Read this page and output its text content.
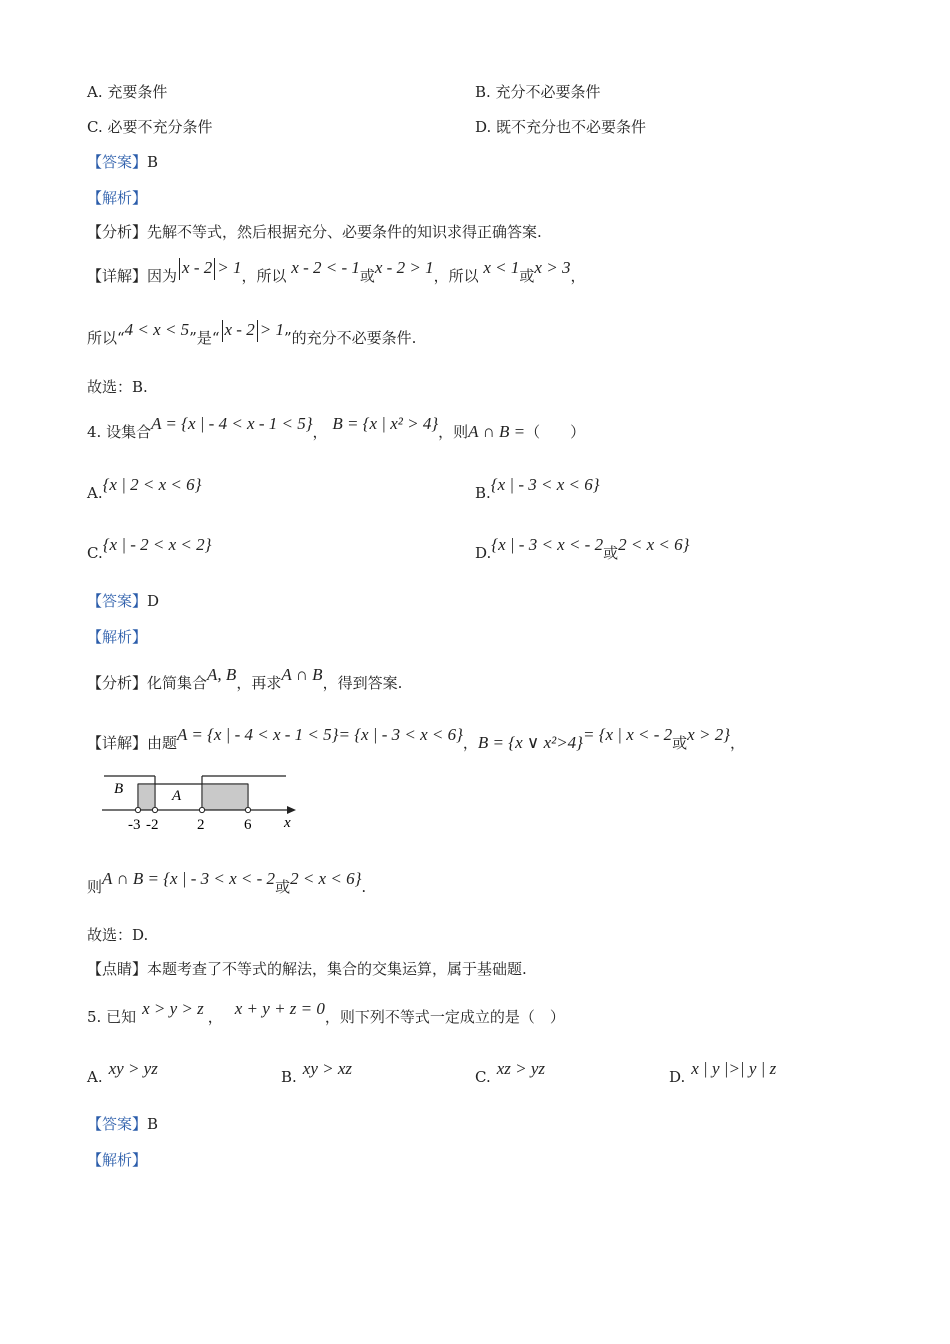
A. 充要条件	B. 充分不必要条件
C. 必要不充分条件	D. 既不充分也不必要条件
【答案】B
【解析】
【分析】先解不等式，然后根据充分、必要条件的知识求得正确答案.
【详解】因为 x - 2 > 1，所以 x - 2 < - 1或x - 2 > 1，所以 x < 1或x > 3，
所以“4 < x < 5”是“ x - 2 > 1”的充分不必要条件.
故选：B.
4. 设集合A = {x | - 4 < x - 1 < 5}， B = {x | x² > 4}，则A ∩ B =（　　）
A.{x | 2 < x < 6}	B.{x | - 3 < x < 6}
C.{x | - 2 < x < 2}	D.{x | - 3 < x < - 2或2 < x < 6}
【答案】D
【解析】
【分析】化简集合A, B，再求A ∩ B，得到答案.
【详解】由题A = {x | - 4 < x - 1 < 5}= {x | - 3 < x < 6}，B = {x ∨ x²>4}= {x | x < - 2或x > 2}，
B	A
-3 -2	2	6 x
则A ∩ B = {x | - 3 < x < - 2或2 < x < 6}.
故选：D.
【点睛】本题考查了不等式的解法，集合的交集运算，属于基础题.
5. 已知 x > y > z ， x + y + z = 0，则下列不等式一定成立的是（　）
A. xy > yz	B. xy > xz	C. xz > yz	D. x | y |>| y | z
【答案】B
【解析】
